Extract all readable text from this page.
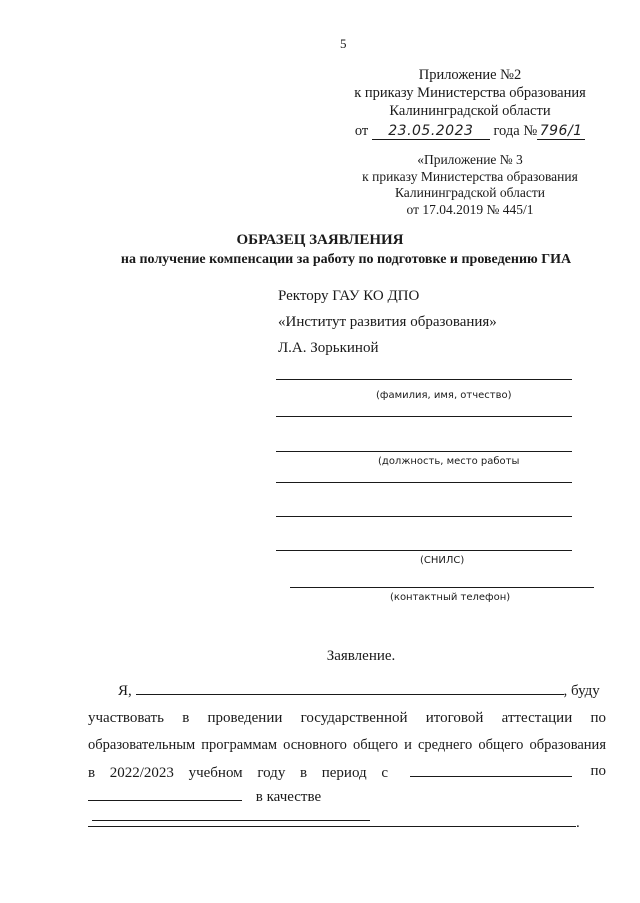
5
Приложение №2
к приказу Министерства образования
Калининградской области
от 23.05.2023 года № 796/1
«Приложение № 3
к приказу Министерства образования
Калининградской области
от 17.04.2019 № 445/1
ОБРАЗЕЦ ЗАЯВЛЕНИЯ
на получение компенсации за работу по подготовке и проведению ГИА
Ректору ГАУ КО ДПО
«Институт развития образования»
Л.А. Зорькиной
(фамилия, имя, отчество)
(должность, место работы
(СНИЛС)
(контактный телефон)
Заявление.
Я,	, буду
участвовать в проведении государственной итоговой аттестации по
образовательным программам основного общего и среднего общего образования
в 2022/2023 учебном году в период с	по
в качестве
.
